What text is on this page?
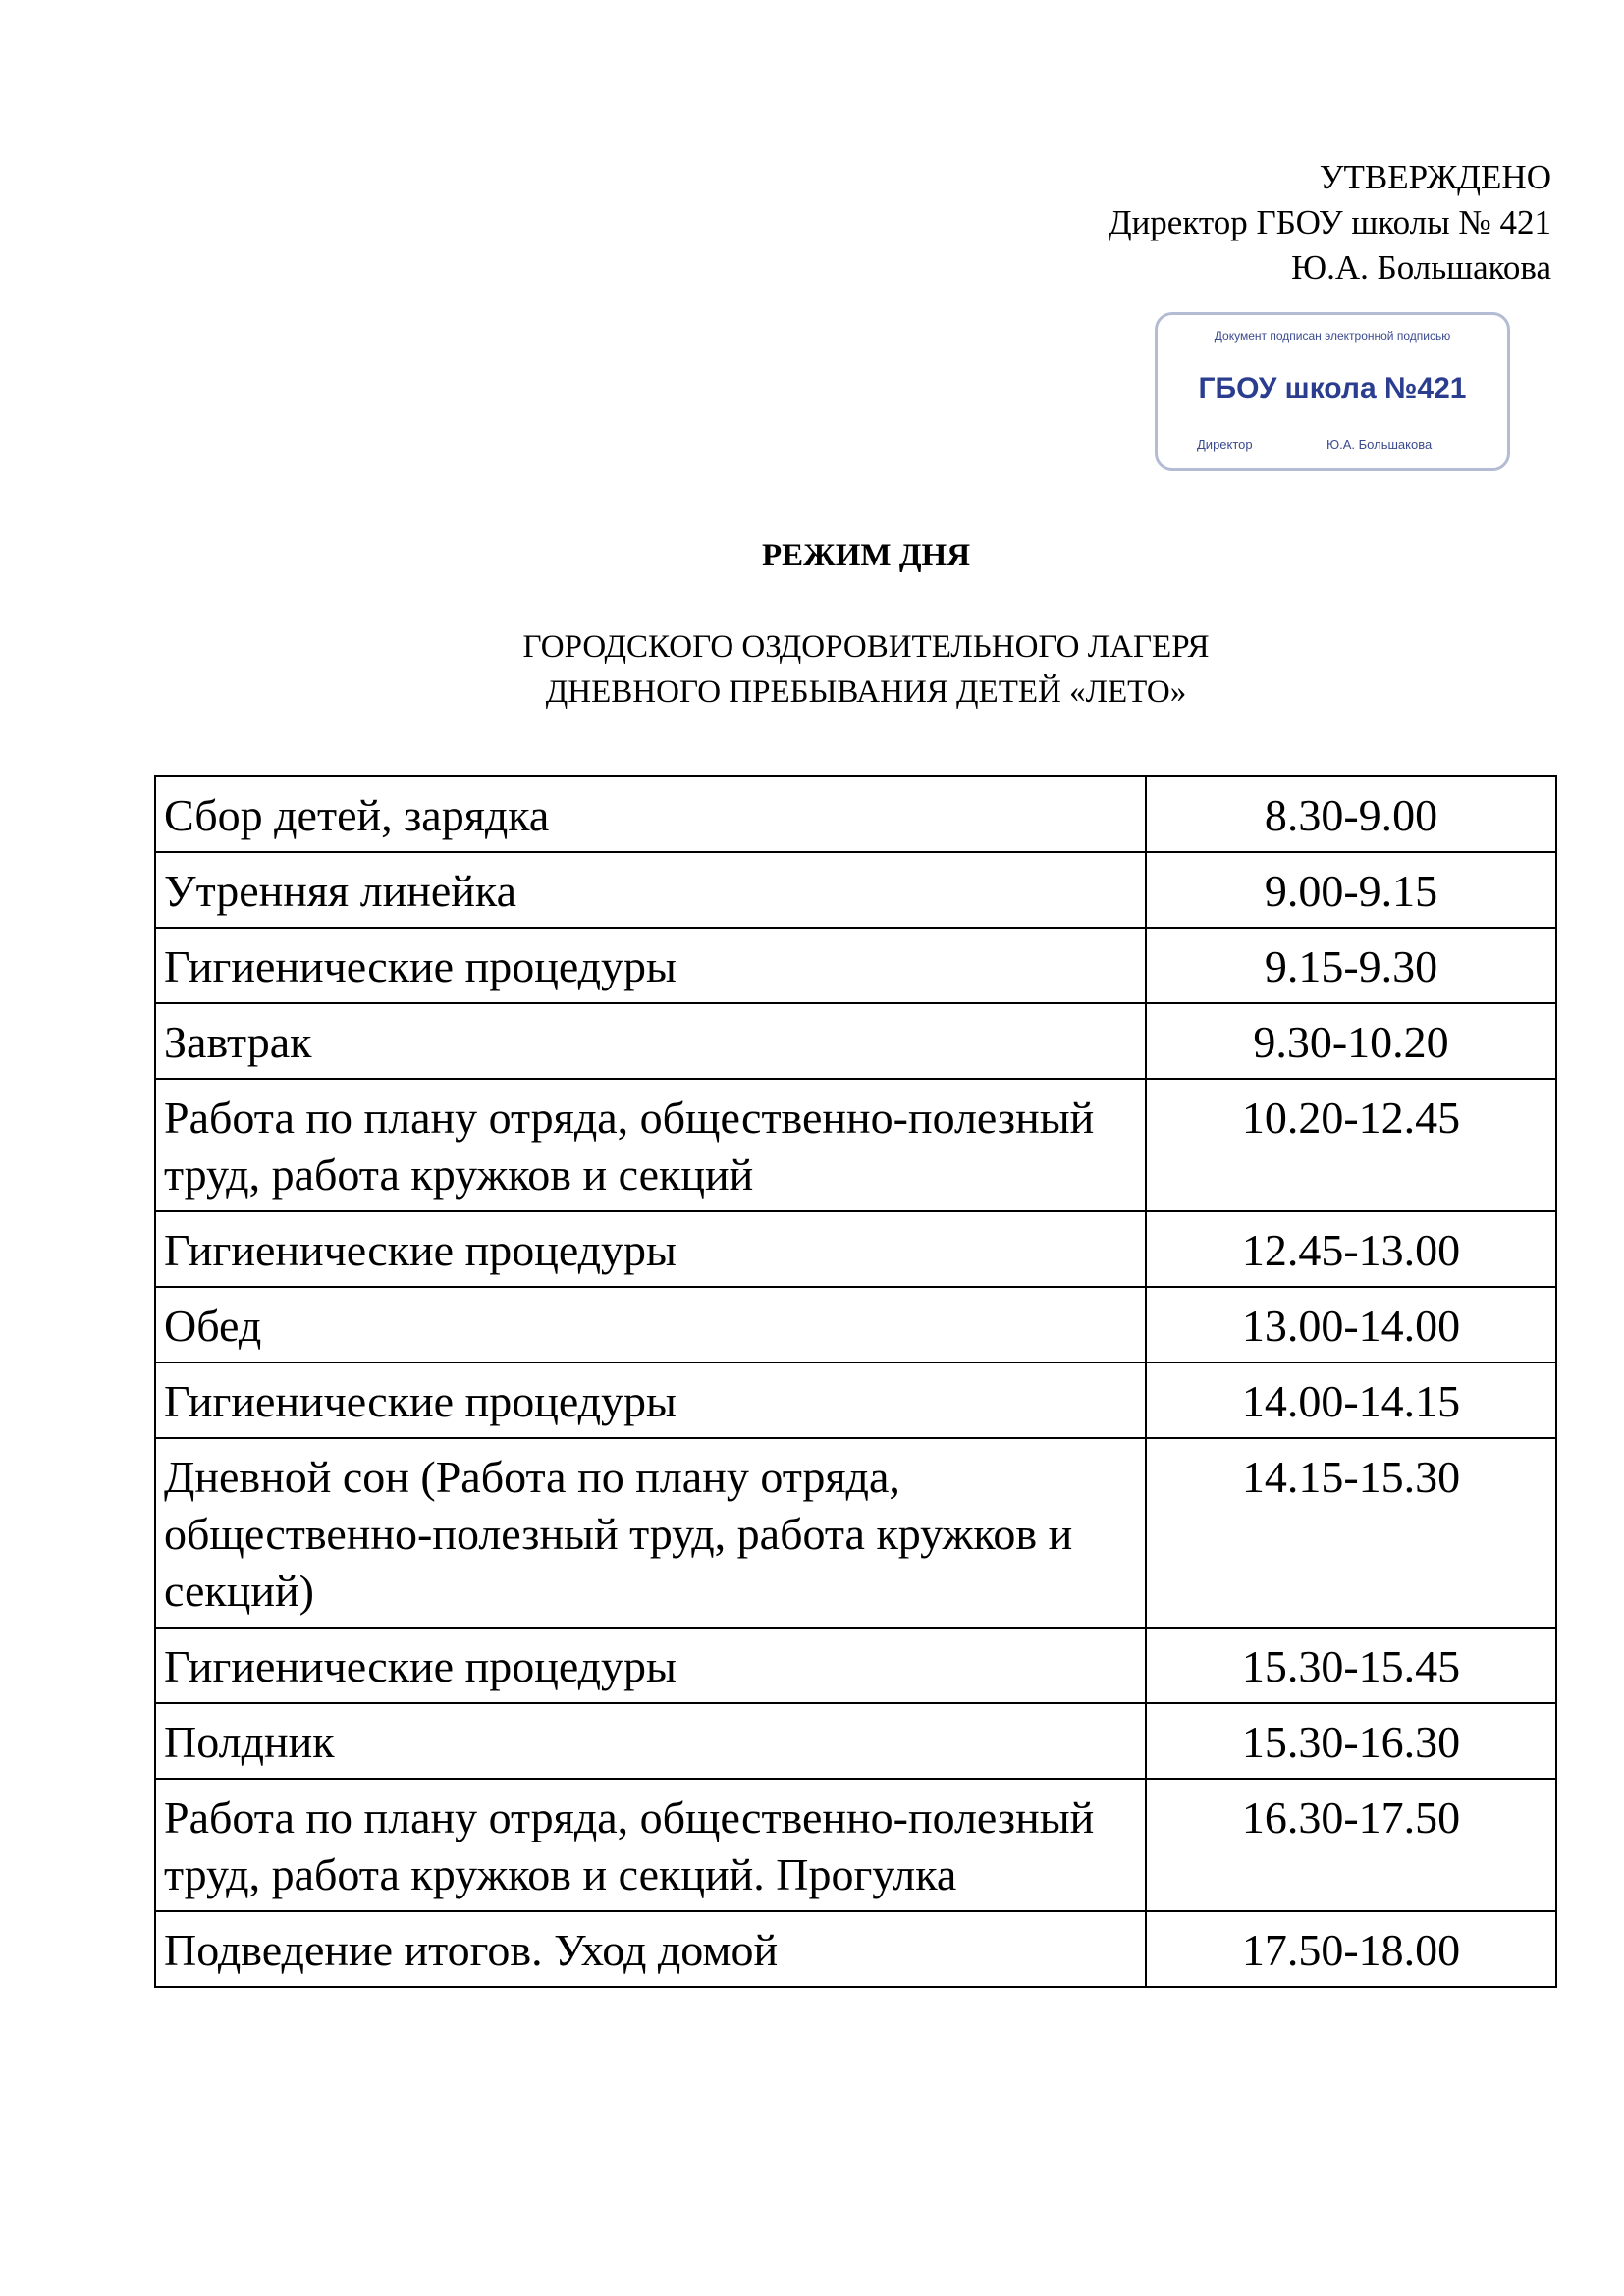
УТВЕРЖДЕНО
Директор ГБОУ школы № 421
Ю.А. Большакова
Документ подписан электронной подписью
ГБОУ школа №421
Директор	Ю.А. Большакова
РЕЖИМ ДНЯ
ГОРОДСКОГО ОЗДОРОВИТЕЛЬНОГО ЛАГЕРЯ
ДНЕВНОГО ПРЕБЫВАНИЯ ДЕТЕЙ «ЛЕТО»
Сбор детей, зарядка	8.30-9.00
Утренняя линейка	9.00-9.15
Гигиенические процедуры	9.15-9.30
Завтрак	9.30-10.20
Работа по плану отряда, общественно-полезный труд, работа кружков и секций	10.20-12.45
Гигиенические процедуры	12.45-13.00
Обед	13.00-14.00
Гигиенические процедуры	14.00-14.15
Дневной сон (Работа по плану отряда, общественно-полезный труд, работа кружков и секций)	14.15-15.30
Гигиенические процедуры	15.30-15.45
Полдник	15.30-16.30
Работа по плану отряда, общественно-полезный труд, работа кружков и секций. Прогулка	16.30-17.50
Подведение итогов. Уход домой	17.50-18.00
